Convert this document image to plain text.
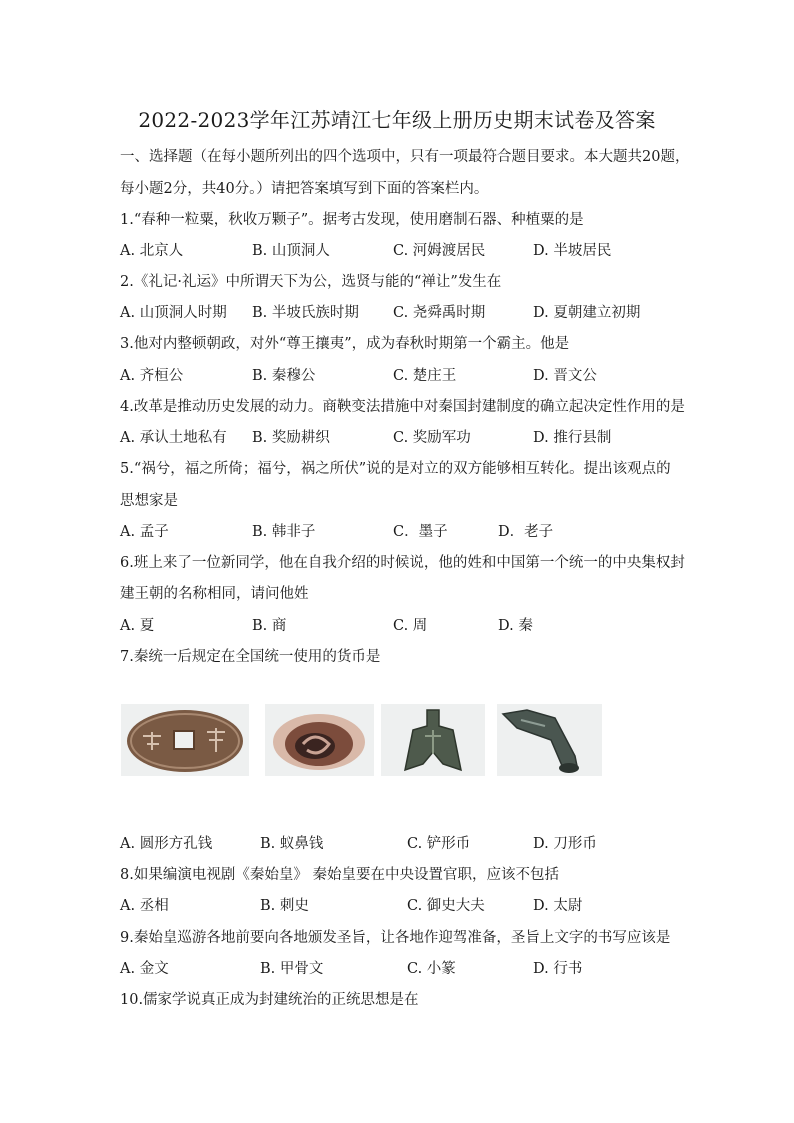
2022-2023学年江苏靖江七年级上册历史期末试卷及答案
一、选择题（在每小题所列出的四个选项中，只有一项最符合题目要求。本大题共20题，
每小题2分，共40分。）请把答案填写到下面的答案栏内。
1.“春种一粒粟，秋收万颗子”。据考古发现，使用磨制石器、种植粟的是
A. 北京人	B. 山顶洞人	C. 河姆渡居民	D. 半坡居民
2.《礼记·礼运》中所谓天下为公，选贤与能的“禅让”发生在
A. 山顶洞人时期 B. 半坡氏族时期 C. 尧舜禹时期	D. 夏朝建立初期
3.他对内整顿朝政，对外“尊王攘夷”，成为春秋时期第一个霸主。他是
A. 齐桓公	B. 秦穆公	C. 楚庄王	D. 晋文公
4.改革是推动历史发展的动力。商鞅变法措施中对秦国封建制度的确立起决定性作用的是
A. 承认土地私有 B. 奖励耕织	C. 奖励军功	D. 推行县制
5.“祸兮，福之所倚；福兮，祸之所伏”说的是对立的双方能够相互转化。提出该观点的
思想家是
A. 孟子	B. 韩非子	C．墨子	D．老子
6.班上来了一位新同学，他在自我介绍的时候说，他的姓和中国第一个统一的中央集权封
建王朝的名称相同，请问他姓
A. 夏	B. 商	C. 周	D. 秦
7.秦统一后规定在全国统一使用的货币是
A. 圆形方孔钱	B. 蚁鼻钱	C. 铲形币	D. 刀形币
8.如果编演电视剧《秦始皇》 秦始皇要在中央设置官职，应该不包括
A. 丞相	B. 刺史	C. 御史大夫	D. 太尉
9.秦始皇巡游各地前要向各地颁发圣旨，让各地作迎驾准备，圣旨上文字的书写应该是
A. 金文	B. 甲骨文	C. 小篆	D. 行书
10.儒家学说真正成为封建统治的正统思想是在
